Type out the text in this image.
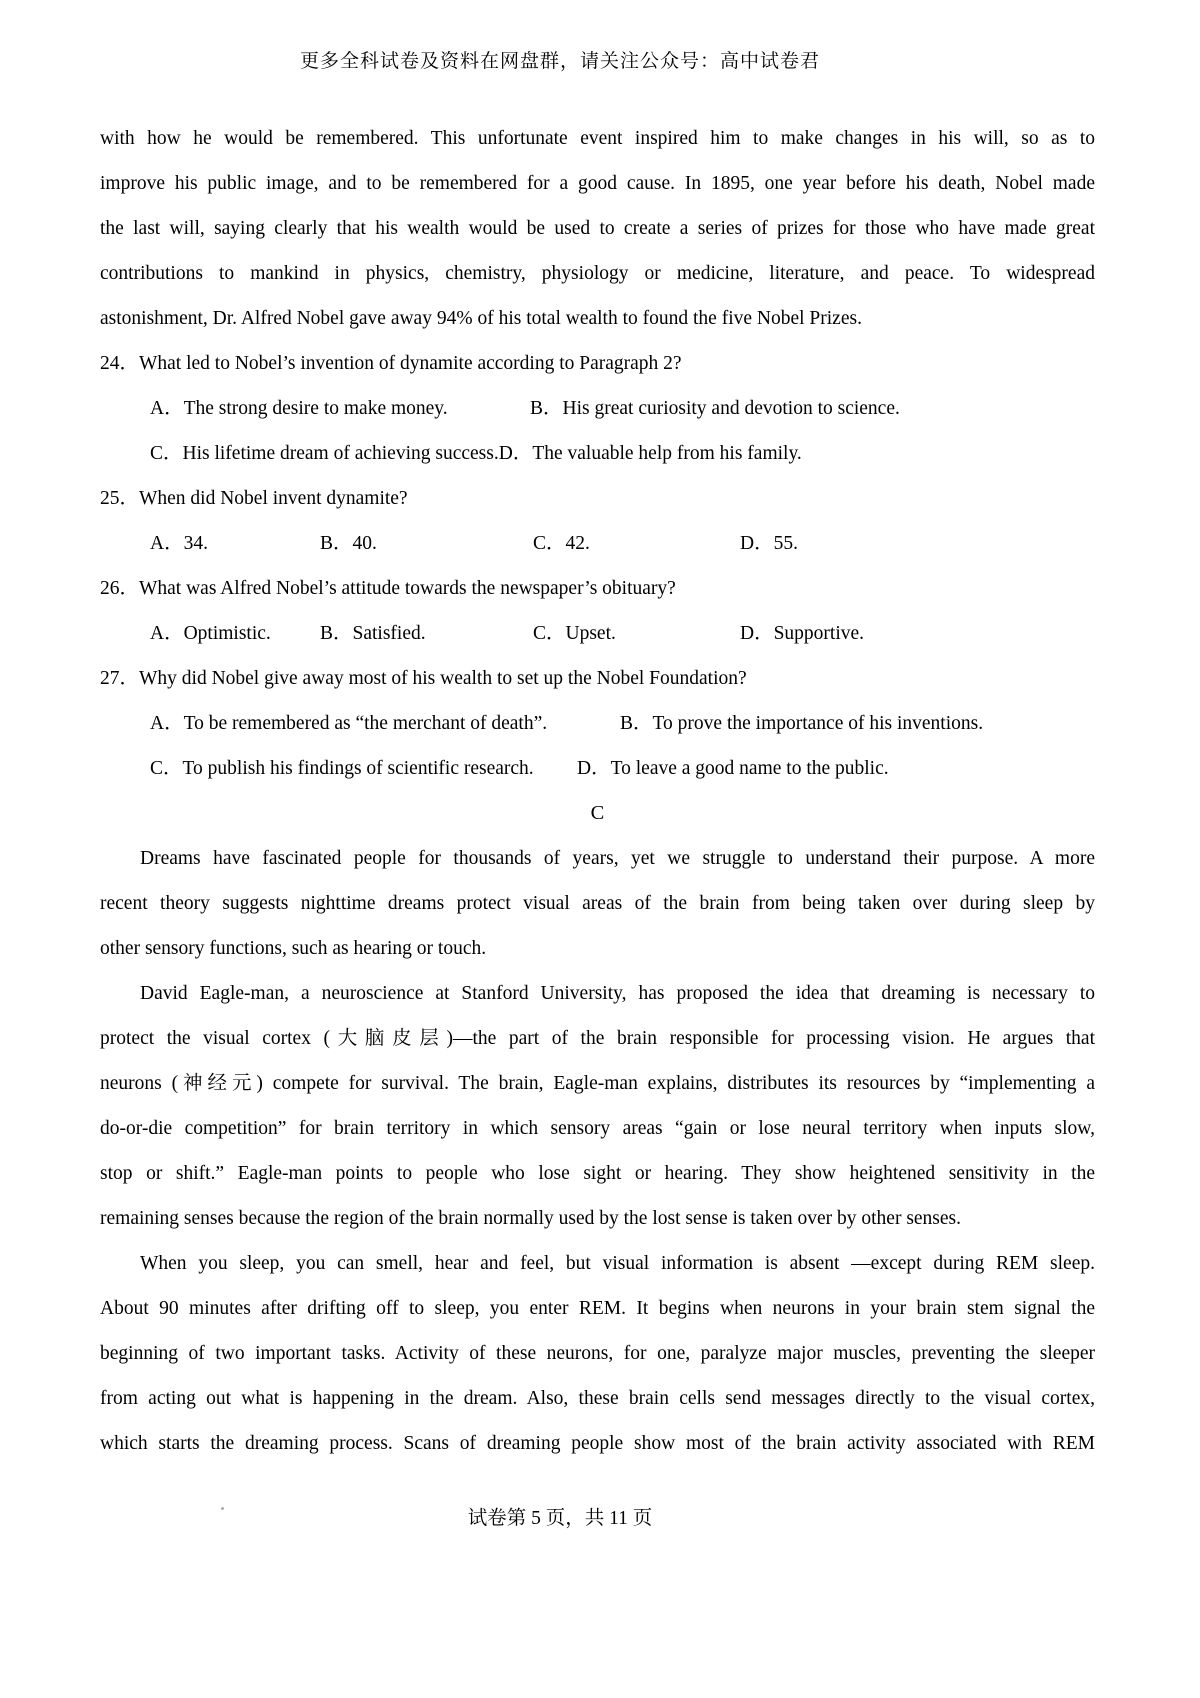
更多全科试卷及资料在网盘群，请关注公众号：高中试卷君
with how he would be remembered. This unfortunate event inspired him to make changes in his will, so as to
improve his public image, and to be remembered for a good cause. In 1895, one year before his death, Nobel made
the last will, saying clearly that his wealth would be used to create a series of prizes for those who have made great
contributions to mankind in physics, chemistry, physiology or medicine, literature, and peace. To widespread
astonishment, Dr. Alfred Nobel gave away 94% of his total wealth to found the five Nobel Prizes.
24．What led to Nobel’s invention of dynamite according to Paragraph 2?
A．The strong desire to make money.	B．His great curiosity and devotion to science.
C．His lifetime dream of achieving success.D．The valuable help from his family.
25．When did Nobel invent dynamite?
A．34.	B．40.	C．42.	D．55.
26．What was Alfred Nobel’s attitude towards the newspaper’s obituary?
A．Optimistic.	B．Satisfied.	C．Upset.	D．Supportive.
27．Why did Nobel give away most of his wealth to set up the Nobel Foundation?
A．To be remembered as “the merchant of death”.	B．To prove the importance of his inventions.
C．To publish his findings of scientific research. D．To leave a good name to the public.
C
Dreams have fascinated people for thousands of years, yet we struggle to understand their purpose. A more
recent theory suggests nighttime dreams protect visual areas of the brain from being taken over during sleep by
other sensory functions, such as hearing or touch.
David Eagle-man, a neuroscience at Stanford University, has proposed the idea that dreaming is necessary to
protect the visual cortex (大脑皮层)—the part of the brain responsible for processing vision. He argues that
neurons (神经元) compete for survival. The brain, Eagle-man explains, distributes its resources by “implementing a
do-or-die competition” for brain territory in which sensory areas “gain or lose neural territory when inputs slow,
stop or shift.” Eagle-man points to people who lose sight or hearing. They show heightened sensitivity in the
remaining senses because the region of the brain normally used by the lost sense is taken over by other senses.
When you sleep, you can smell, hear and feel, but visual information is absent —except during REM sleep.
About 90 minutes after drifting off to sleep, you enter REM. It begins when neurons in your brain stem signal the
beginning of two important tasks. Activity of these neurons, for one, paralyze major muscles, preventing the sleeper
from acting out what is happening in the dream. Also, these brain cells send messages directly to the visual cortex,
which starts the dreaming process. Scans of dreaming people show most of the brain activity associated with REM
试卷第 5 页，共 11 页
